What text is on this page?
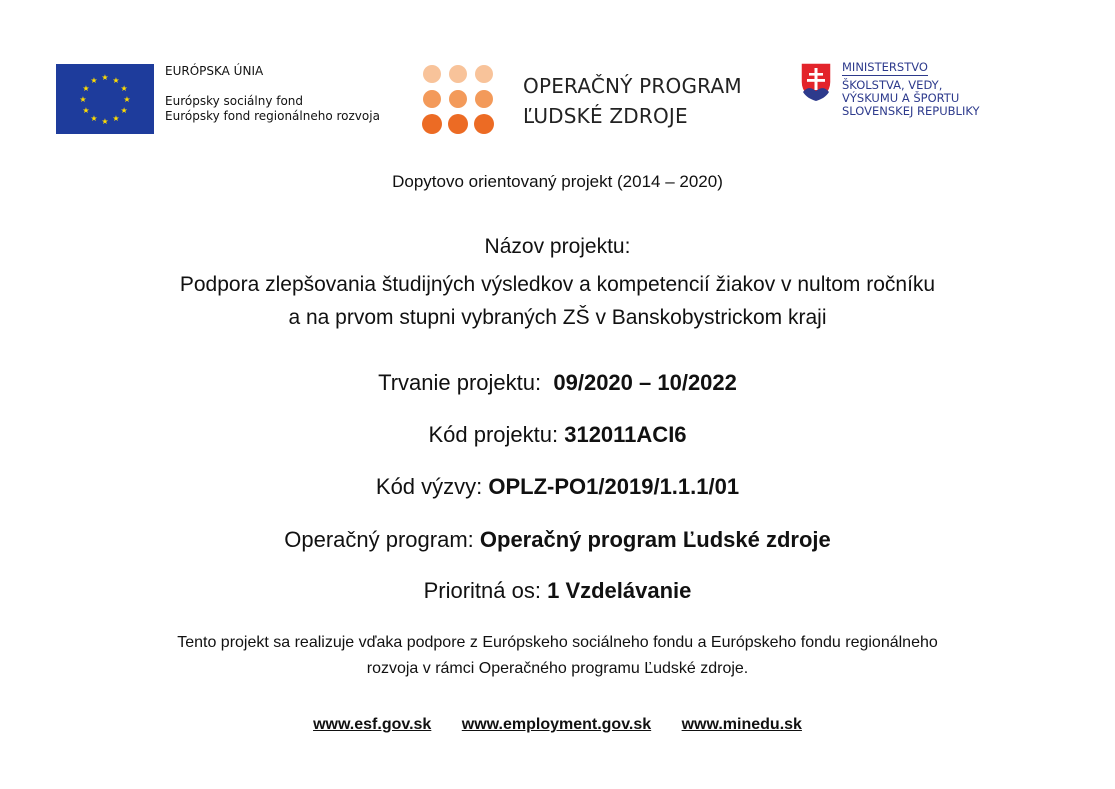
★ ★
★
★
★
★
★
★
★
★
★
★
EURÓPSKA ÚNIA
Európsky sociálny fond
Európsky fond regionálneho rozvoja
OPERAČNÝ PROGRAM
ĽUDSKÉ ZDROJE
MINISTERSTVO
ŠKOLSTVA, VEDY,
VÝSKUMU A ŠPORTU
SLOVENSKEJ REPUBLIKY
Dopytovo orientovaný projekt (2014 – 2020)
Názov projektu:
Podpora zlepšovania študijných výsledkov a kompetencií žiakov v nultom ročníku
a na prvom stupni vybraných ZŠ v Banskobystrickom kraji
Trvanie projektu: 09/2020 – 10/2022
Kód projektu: 312011ACI6
Kód výzvy: OPLZ-PO1/2019/1.1.1/01
Operačný program: Operačný program Ľudské zdroje
Prioritná os: 1 Vzdelávanie
Tento projekt sa realizuje vďaka podpore z Európskeho sociálneho fondu a Európskeho fondu regionálneho
rozvoja v rámci Operačného programu Ľudské zdroje.
www.esf.gov.sk www.employment.gov.sk www.minedu.sk
